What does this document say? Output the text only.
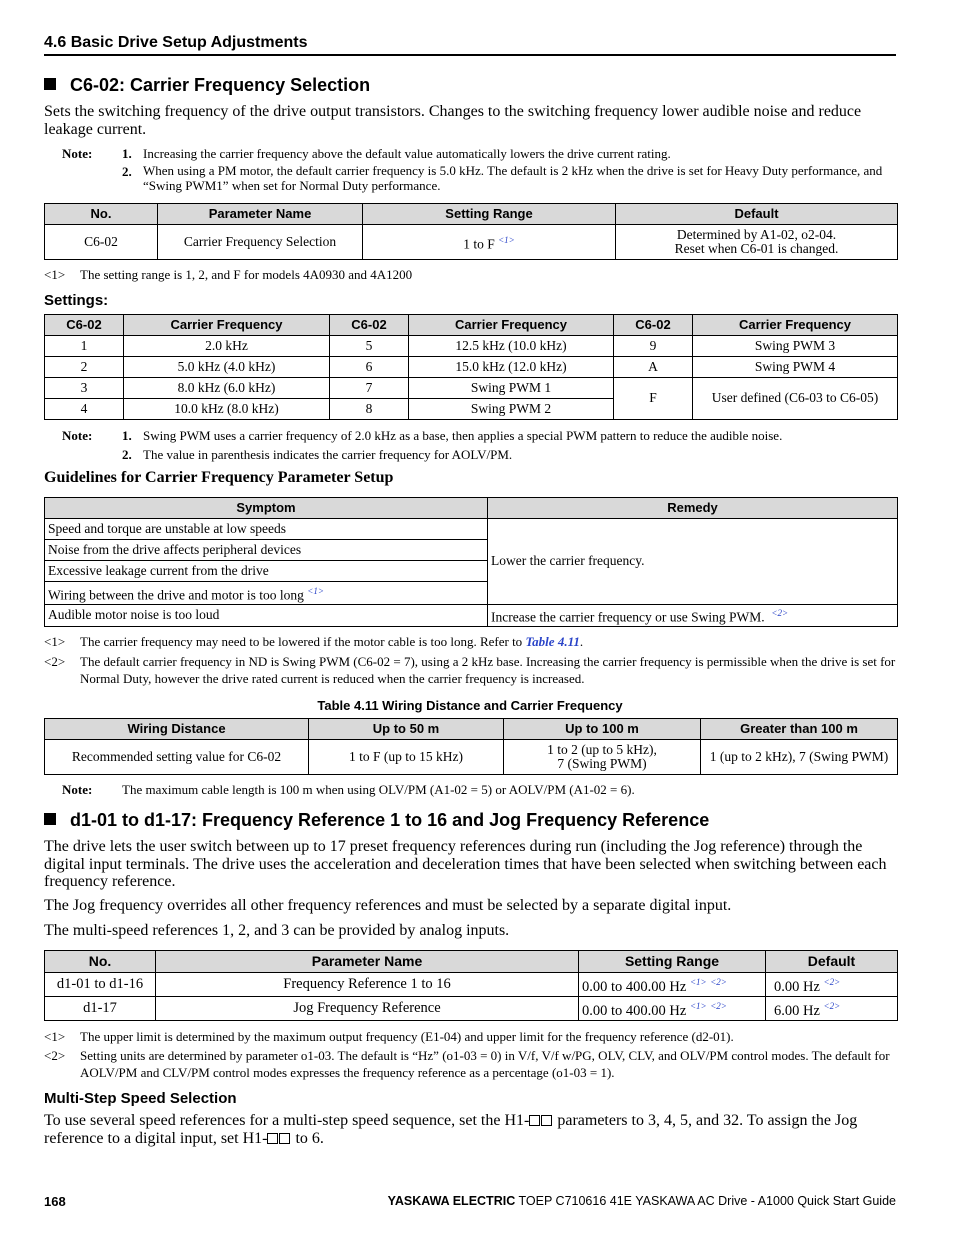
4.6 Basic Drive Setup Adjustments
C6-02: Carrier Frequency Selection
Sets the switching frequency of the drive output transistors. Changes to the switching frequency lower audible noise and reduce leakage current.
Note: 1. Increasing the carrier frequency above the default value automatically lowers the drive current rating.
2. When using a PM motor, the default carrier frequency is 5.0 kHz. The default is 2 kHz when the drive is set for Heavy Duty performance, and “Swing PWM1” when set for Normal Duty performance.
No.	Parameter Name	Setting Range	Default
C6-02	Carrier Frequency Selection	1 to F $^{<1>}$	Determined by A1-02, o2-04.
Reset when C6-01 is changed.
<1> The setting range is 1, 2, and F for models 4A0930 and 4A1200
Settings:
C6-02	Carrier Frequency	C6-02	Carrier Frequency	C6-02	Carrier Frequency
1	2.0 kHz	5	12.5 kHz (10.0 kHz)	9	Swing PWM 3
2	5.0 kHz (4.0 kHz)	6	15.0 kHz (12.0 kHz)	A	Swing PWM 4
3	8.0 kHz (6.0 kHz)	7	Swing PWM 1	F	User defined (C6-03 to C6-05)
4	10.0 kHz (8.0 kHz)	8	Swing PWM 2		
Note: 1. Swing PWM uses a carrier frequency of 2.0 kHz as a base, then applies a special PWM pattern to reduce the audible noise.
2. The value in parenthesis indicates the carrier frequency for AOLV/PM.
Guidelines for Carrier Frequency Parameter Setup
Symptom	Remedy
Speed and torque are unstable at low speeds	Lower the carrier frequency.
Noise from the drive affects peripheral devices	
Excessive leakage current from the drive	
Wiring between the drive and motor is too long $^{<1>}$
Audible motor noise is too loud	Increase the carrier frequency or use Swing PWM. $^{<2>}$
<1> The carrier frequency may need to be lowered if the motor cable is too long. Refer to Table 4.11.
<2> The default carrier frequency in ND is Swing PWM (C6-02 = 7), using a 2 kHz base. Increasing the carrier frequency is permissible when the drive is set for Normal Duty, however the drive rated current is reduced when the carrier frequency is increased.
Table 4.11 Wiring Distance and Carrier Frequency
Wiring Distance	Up to 50 m	Up to 100 m	Greater than 100 m
Recommended setting value for C6-02	1 to F (up to 15 kHz)	1 to 2 (up to 5 kHz),
7 (Swing PWM)	1 (up to 2 kHz), 7 (Swing PWM)
Note: The maximum cable length is 100 m when using OLV/PM (A1-02 = 5) or AOLV/PM (A1-02 = 6).
d1-01 to d1-17: Frequency Reference 1 to 16 and Jog Frequency Reference
The drive lets the user switch between up to 17 preset frequency references during run (including the Jog reference) through the digital input terminals. The drive uses the acceleration and deceleration times that have been selected when switching between each frequency reference.
The Jog frequency overrides all other frequency references and must be selected by a separate digital input.
The multi-speed references 1, 2, and 3 can be provided by analog inputs.
No.	Parameter Name	Setting Range	Default
d1-01 to d1-16	Frequency Reference 1 to 16	0.00 to 400.00 Hz $^{<1>}$ $^{<2>}$	0.00 Hz $^{<2>}$
d1-17	Jog Frequency Reference	0.00 to 400.00 Hz $^{<1>}$ $^{<2>}$	6.00 Hz $^{<2>}$
<1> The upper limit is determined by the maximum output frequency (E1-04) and upper limit for the frequency reference (d2-01).
<2> Setting units are determined by parameter o1-03. The default is “Hz” (o1-03 = 0) in V/f, V/f w/PG, OLV, CLV, and OLV/PM control modes. The default for AOLV/PM and CLV/PM control modes expresses the frequency reference as a percentage (o1-03 = 1).
Multi-Step Speed Selection
To use several speed references for a multi-step speed sequence, set the H1- parameters to 3, 4, 5, and 32. To assign the Jog reference to a digital input, set H1- to 6.
168	YASKAWA ELECTRIC TOEP C710616 41E YASKAWA AC Drive - A1000 Quick Start Guide
